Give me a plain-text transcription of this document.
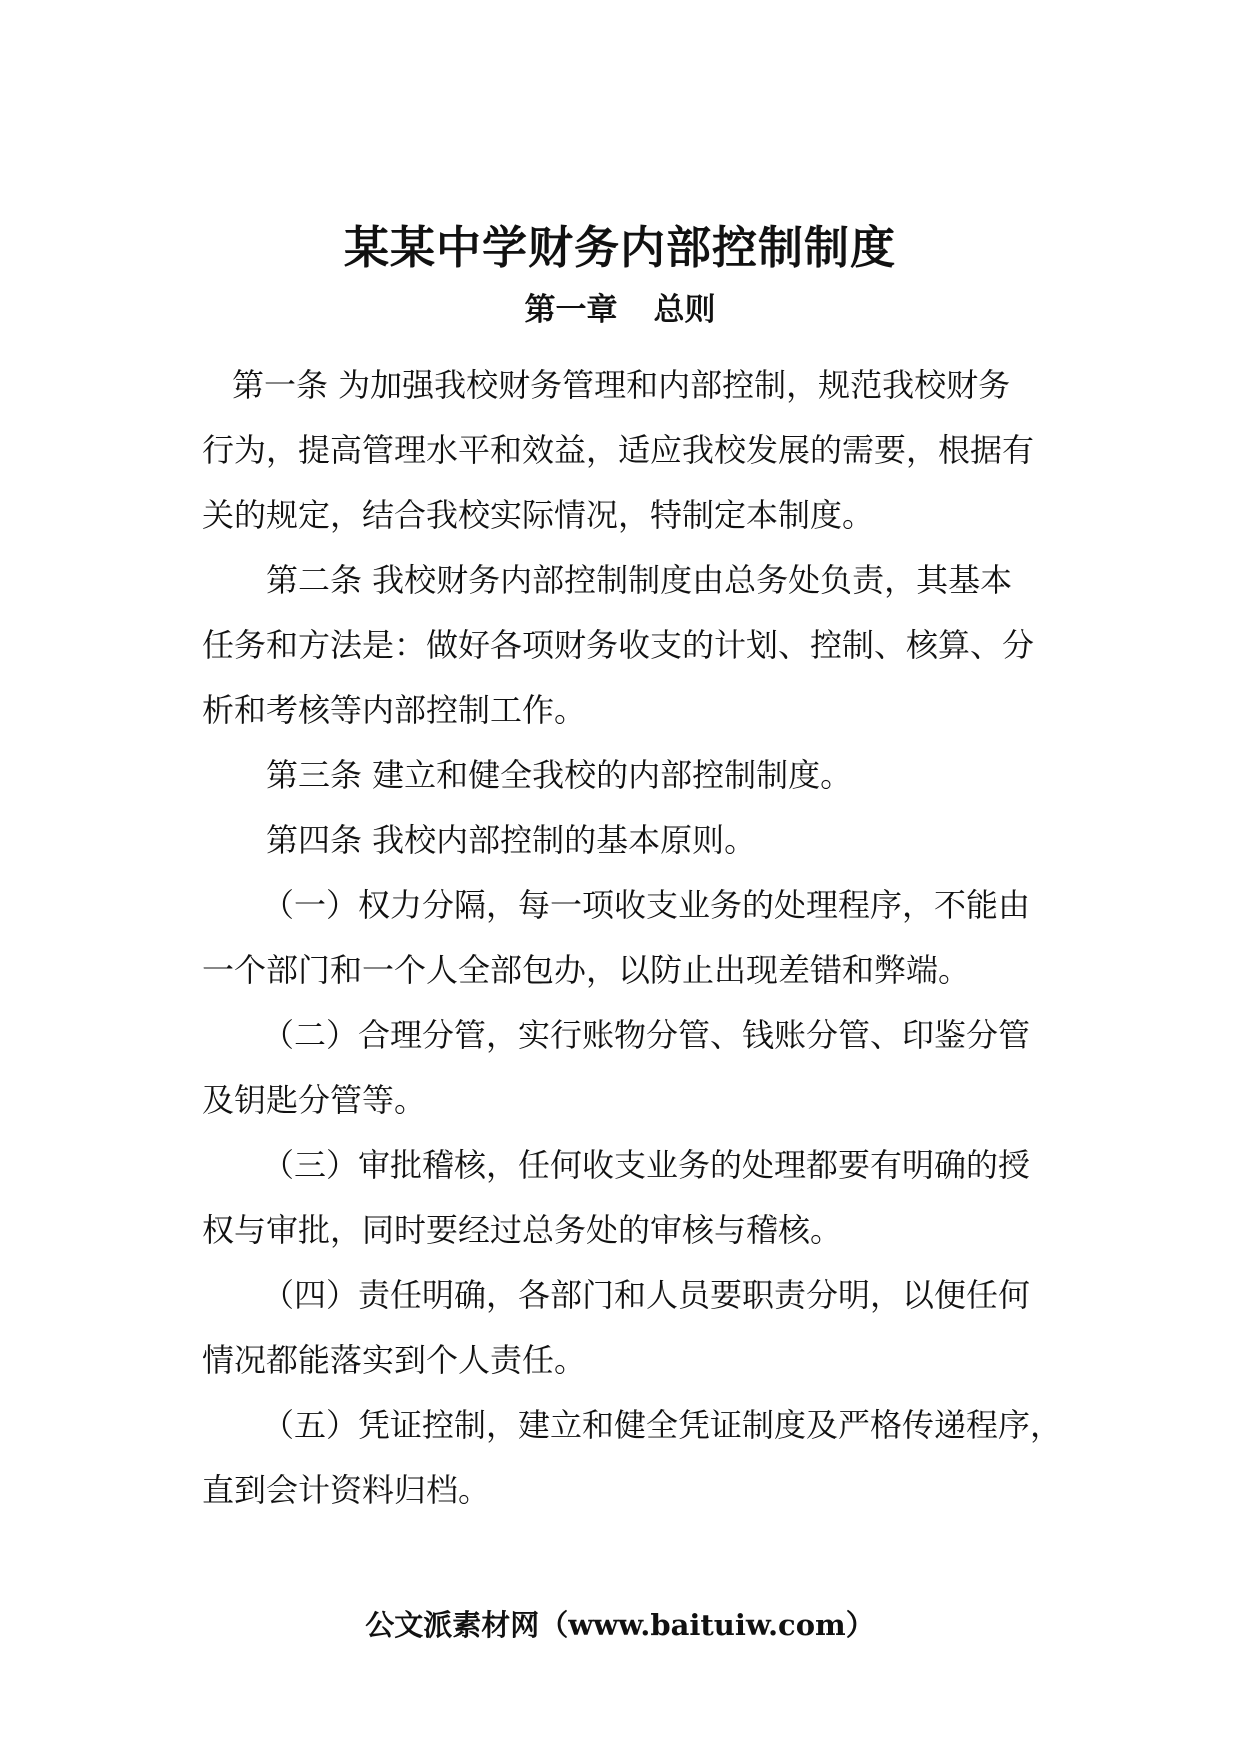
某某中学财务内部控制制度
第一章 总则
第一条 为加强我校财务管理和内部控制，规范我校财务
行为，提高管理水平和效益，适应我校发展的需要，根据有
关的规定，结合我校实际情况，特制定本制度。
第二条 我校财务内部控制制度由总务处负责，其基本
任务和方法是：做好各项财务收支的计划、控制、核算、分
析和考核等内部控制工作。
第三条 建立和健全我校的内部控制制度。
第四条 我校内部控制的基本原则。
（一）权力分隔，每一项收支业务的处理程序，不能由
一个部门和一个人全部包办，以防止出现差错和弊端。
（二）合理分管，实行账物分管、钱账分管、印鉴分管
及钥匙分管等。
（三）审批稽核，任何收支业务的处理都要有明确的授
权与审批，同时要经过总务处的审核与稽核。
（四）责任明确，各部门和人员要职责分明，以便任何
情况都能落实到个人责任。
（五）凭证控制，建立和健全凭证制度及严格传递程序，
直到会计资料归档。
公文派素材网（www.baituiw.com）
